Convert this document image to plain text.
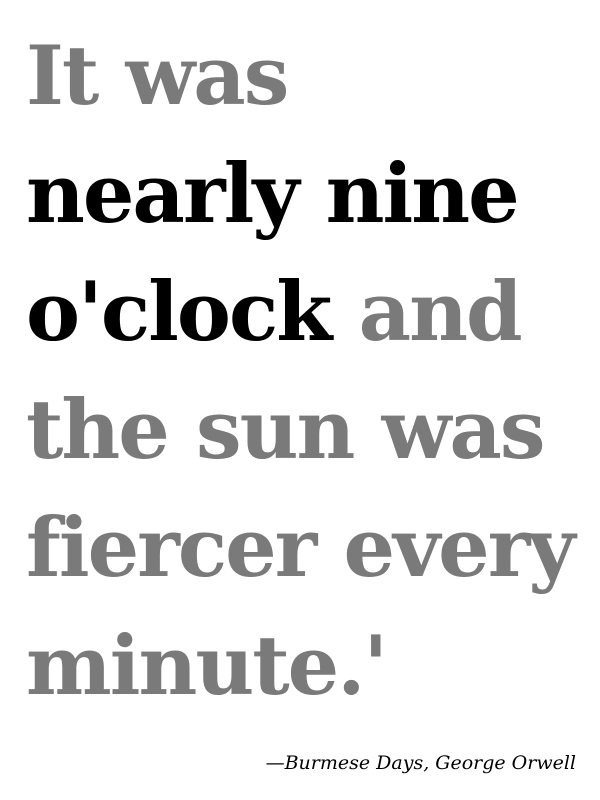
It was
nearly nine
o'clock and
the sun was
fiercer every
minute.'

—Burmese Days, George Orwell
